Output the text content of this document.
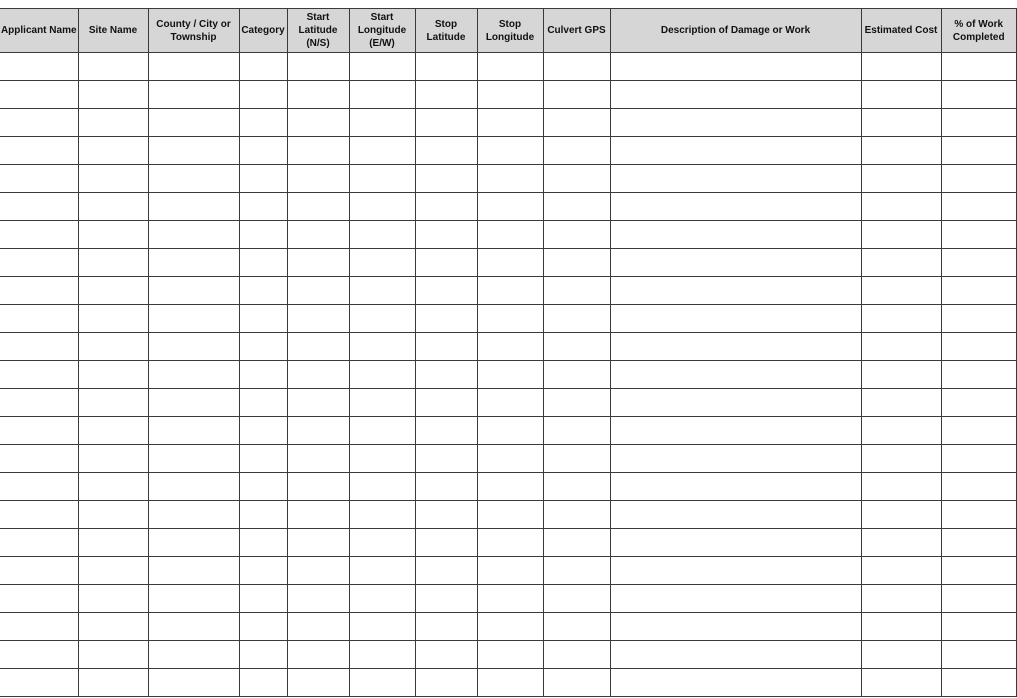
Applicant Name	Site Name	County / City or
Township	Category	Start
Latitude
(N/S)	Start
Longitude
(E/W)	Stop
Latitude	Stop
Longitude	Culvert GPS	Description of Damage or Work	Estimated Cost	% of Work
Completed
